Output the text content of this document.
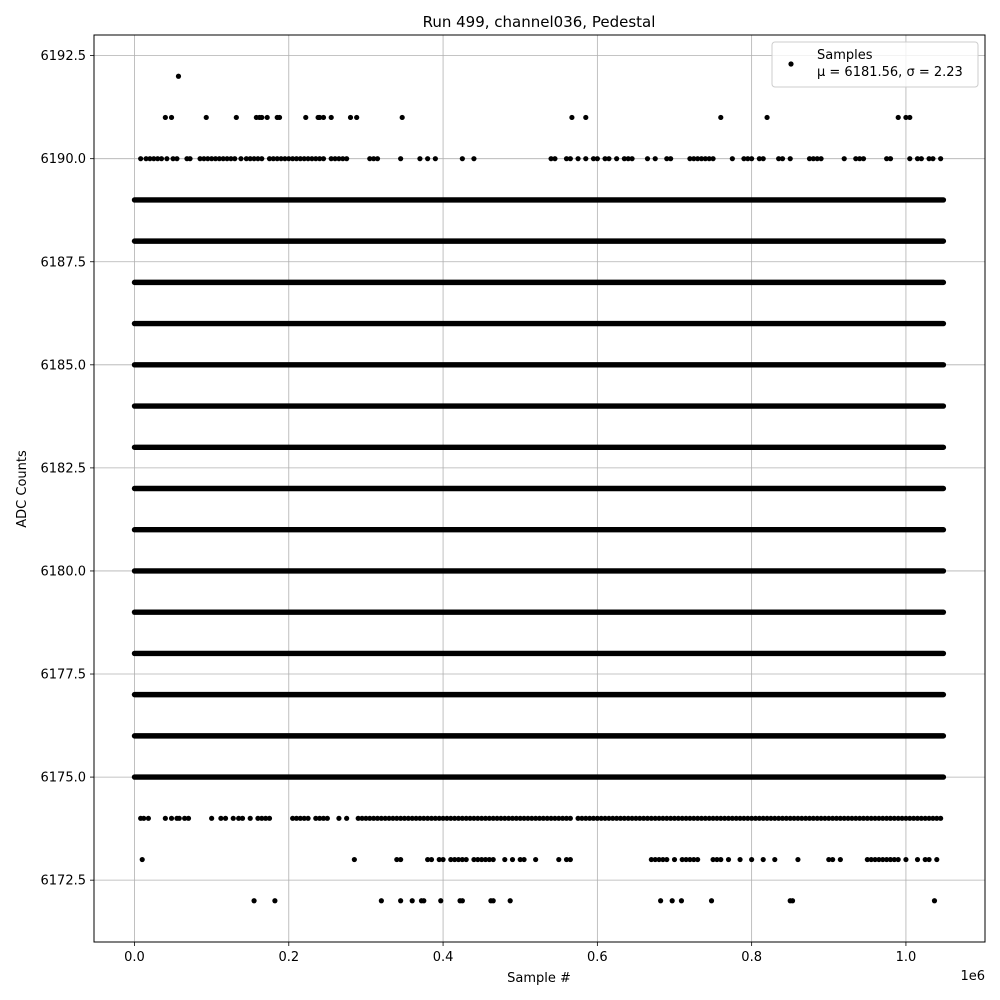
Run 499, channel036, Pedestal
0.0	0.2	0.4	0.6	0.8	1.0
6172.5
6175.0
6177.5
6180.0
6182.5
6185.0
6187.5
6190.0
6192.5
1e6
Sample #
ADC Counts
Samples
μ = 6181.56, σ = 2.23
